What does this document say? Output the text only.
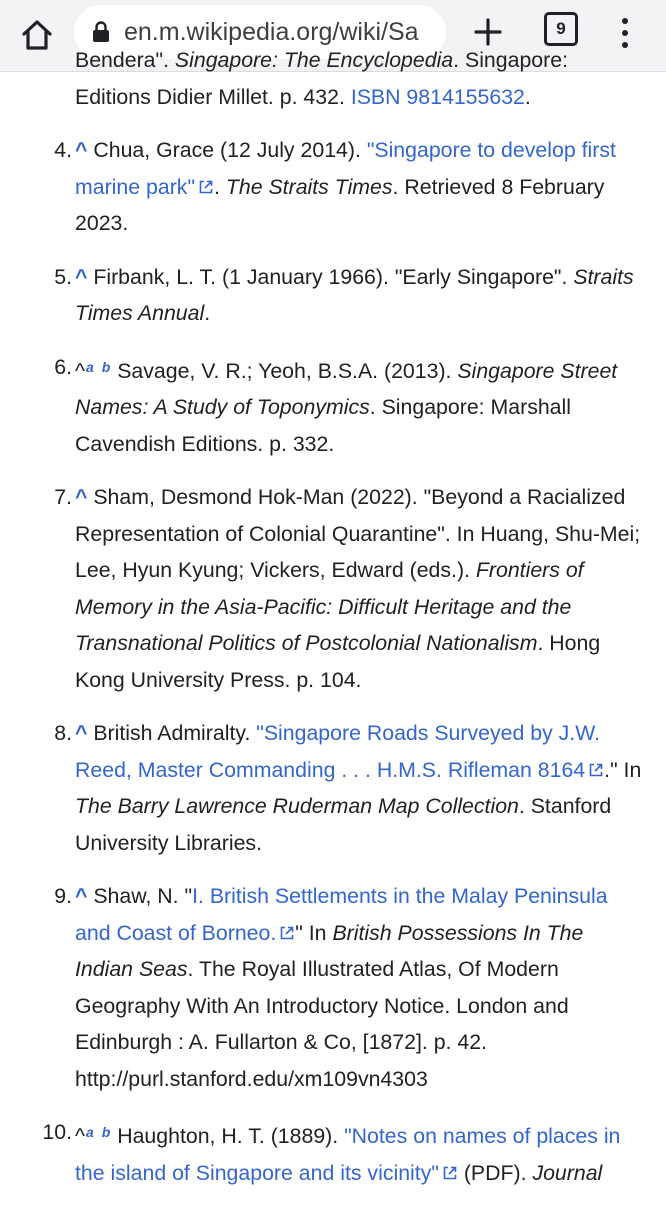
en.m.wikipedia.org/wiki/Sa	9
Bendera". Singapore: The Encyclopedia. Singapore: Editions Didier Millet. p. 432. ISBN 9814155632.
4. ^ Chua, Grace (12 July 2014). "Singapore to develop first marine park" . The Straits Times. Retrieved 8 February 2023.
5. ^ Firbank, L. T. (1 January 1966). "Early Singapore". Straits Times Annual.
6. ^$^a$ $^b$ Savage, V. R.; Yeoh, B.S.A. (2013). Singapore Street Names: A Study of Toponymics. Singapore: Marshall Cavendish Editions. p. 332.
7. ^ Sham, Desmond Hok-Man (2022). "Beyond a Racialized Representation of Colonial Quarantine". In Huang, Shu-Mei; Lee, Hyun Kyung; Vickers, Edward (eds.). Frontiers of Memory in the Asia-Pacific: Difficult Heritage and the Transnational Politics of Postcolonial Nationalism. Hong Kong University Press. p. 104.
8. ^ British Admiralty. "Singapore Roads Surveyed by J.W. Reed, Master Commanding . . . H.M.S. Rifleman 8164 ." In The Barry Lawrence Ruderman Map Collection. Stanford University Libraries.
9. ^ Shaw, N. "I. British Settlements in the Malay Peninsula and Coast of Borneo. " In British Possessions In The Indian Seas. The Royal Illustrated Atlas, Of Modern Geography With An Introductory Notice. London and Edinburgh : A. Fullarton & Co, [1872]. p. 42. http://purl.stanford.edu/xm109vn4303
10. ^$^a$ $^b$ Haughton, H. T. (1889). "Notes on names of places in the island of Singapore and its vicinity" (PDF). Journal
